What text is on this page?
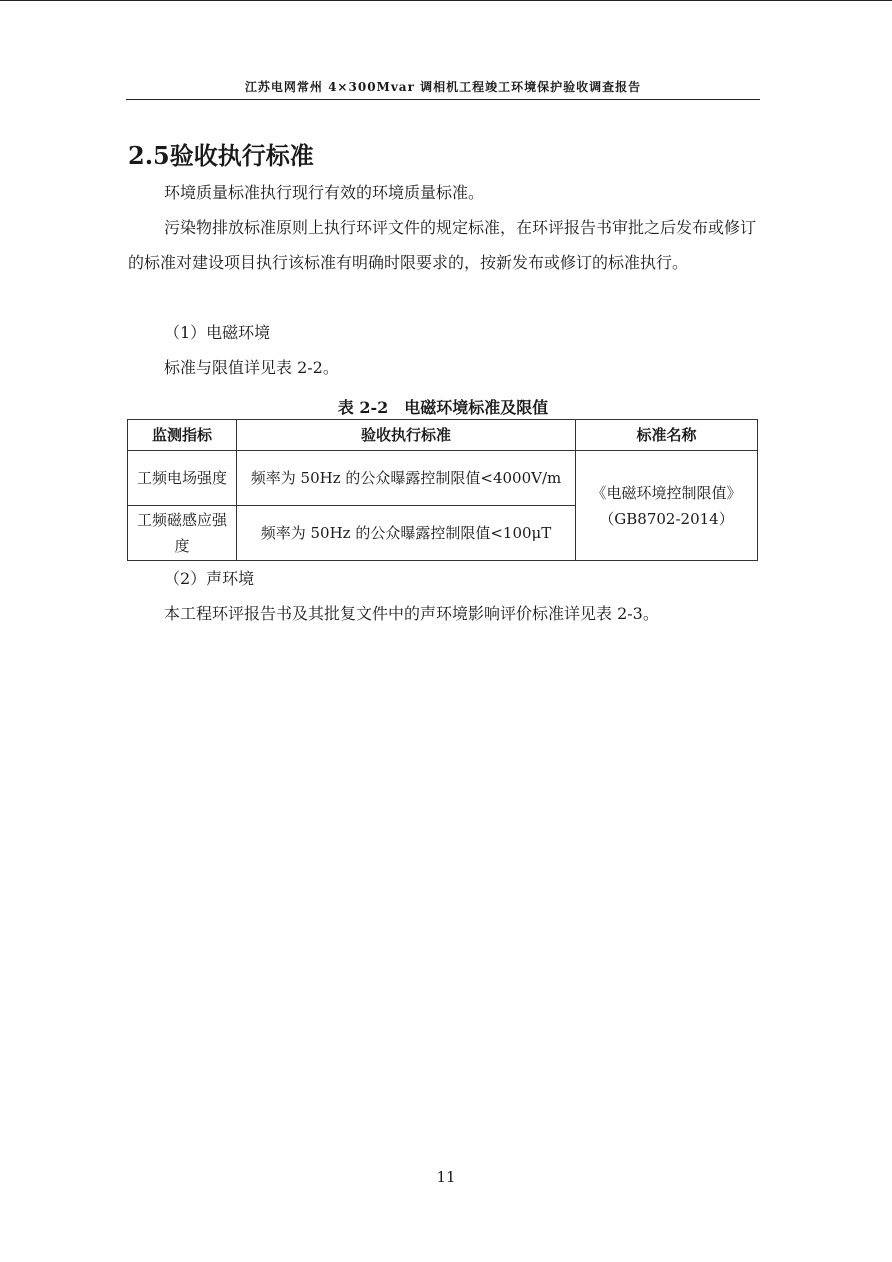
江苏电网常州 4×300Mvar 调相机工程竣工环境保护验收调查报告
2.5验收执行标准

环境质量标准执行现行有效的环境质量标准。

污染物排放标准原则上执行环评文件的规定标准，在环评报告书审批之后发布或修订的标准对建设项目执行该标准有明确时限要求的，按新发布或修订的标准执行。

（1）电磁环境

标准与限值详见表 2-2。

表 2-2　电磁环境标准及限值
监测指标	验收执行标准	标准名称
工频电场强度	频率为 50Hz 的公众曝露控制限值<4000V/m	《电磁环境控制限值》
（GB8702-2014）

工频磁感应强度	频率为 50Hz 的公众曝露控制限值<100μT	

（2）声环境

本工程环评报告书及其批复文件中的声环境影响评价标准详见表 2-3。

11
